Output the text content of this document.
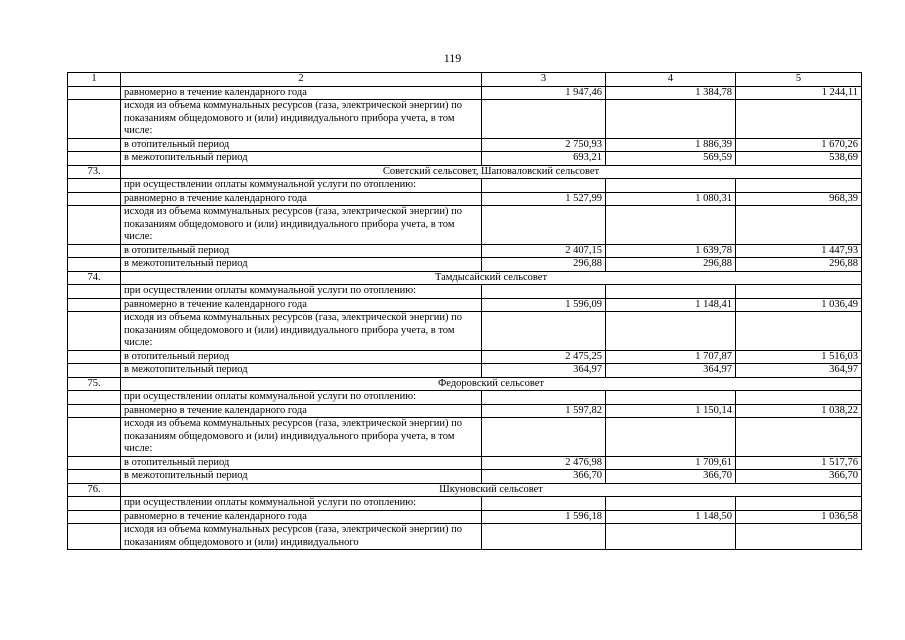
119
1	2	3	4	5
	равномерно в течение календарного года	1 947,46	1 384,78	1 244,11
	исходя из объема коммунальных ресурсов (газа, электрической энергии) по показаниям общедомового и (или) индивидуального прибора учета, в том числе:			
	в отопительный период	2 750,93	1 886,39	1 670,26
	в межотопительный период	693,21	569,59	538,69
73.	Советский сельсовет, Шаповаловский сельсовет			
	при осуществлении оплаты коммунальной услуги по отоплению:			
	равномерно в течение календарного года	1 527,99	1 080,31	968,39
	исходя из объема коммунальных ресурсов (газа, электрической энергии) по показаниям общедомового и (или) индивидуального прибора учета, в том числе:			
	в отопительный период	2 407,15	1 639,78	1 447,93
	в межотопительный период	296,88	296,88	296,88
74.	Тамдысайский сельсовет			
	при осуществлении оплаты коммунальной услуги по отоплению:			
	равномерно в течение календарного года	1 596,09	1 148,41	1 036,49
	исходя из объема коммунальных ресурсов (газа, электрической энергии) по показаниям общедомового и (или) индивидуального прибора учета, в том числе:			
	в отопительный период	2 475,25	1 707,87	1 516,03
	в межотопительный период	364,97	364,97	364,97
75.	Федоровский сельсовет			
	при осуществлении оплаты коммунальной услуги по отоплению:			
	равномерно в течение календарного года	1 597,82	1 150,14	1 038,22
	исходя из объема коммунальных ресурсов (газа, электрической энергии) по показаниям общедомового и (или) индивидуального прибора учета, в том числе:			
	в отопительный период	2 476,98	1 709,61	1 517,76
	в межотопительный период	366,70	366,70	366,70
76.	Шкуновский сельсовет			
	при осуществлении оплаты коммунальной услуги по отоплению:			
	равномерно в течение календарного года	1 596,18	1 148,50	1 036,58
	исходя из объема коммунальных ресурсов (газа, электрической энергии) по показаниям общедомового и (или) индивидуального			
